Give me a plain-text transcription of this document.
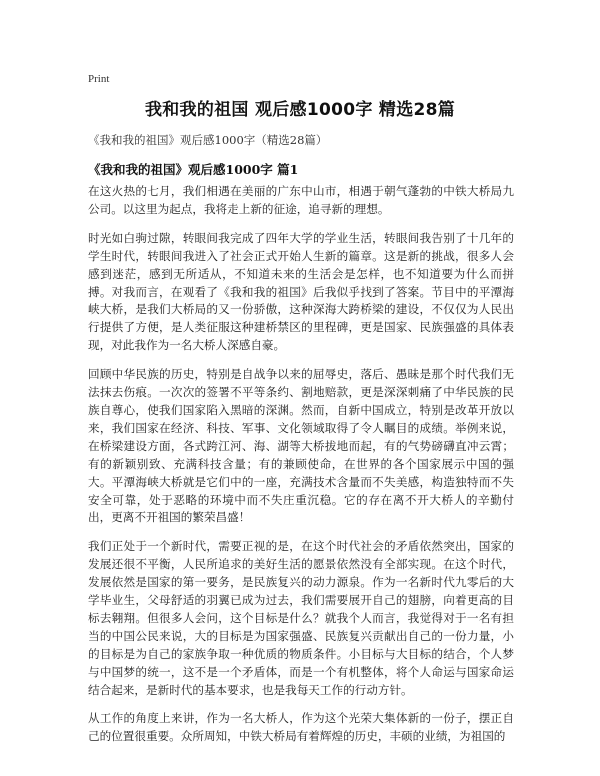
Print
我和我的祖国 观后感1000字 精选28篇
《我和我的祖国》观后感1000字（精选28篇）
《我和我的祖国》观后感1000字 篇1

在这火热的七月，我们相遇在美丽的广东中山市，相遇于朝气蓬勃的中铁大桥局九公司。以这里为起点，我将走上新的征途，追寻新的理想。

时光如白驹过隙，转眼间我完成了四年大学的学业生活，转眼间我告别了十几年的学生时代，转眼间我进入了社会正式开始人生新的篇章。这是新的挑战，很多人会感到迷茫，感到无所适从，不知道未来的生活会是怎样，也不知道要为什么而拼搏。对我而言，在观看了《我和我的祖国》后我似乎找到了答案。节目中的平潭海峡大桥，是我们大桥局的又一份骄傲，这种深海大跨桥梁的建设，不仅仅为人民出行提供了方便，是人类征服这种建桥禁区的里程碑，更是国家、民族强盛的具体表现，对此我作为一名大桥人深感自豪。

回顾中华民族的历史，特别是自战争以来的屈辱史，落后、愚昧是那个时代我们无法抹去伤痕。一次次的签署不平等条约、割地赔款，更是深深刺痛了中华民族的民族自尊心，使我们国家陷入黑暗的深渊。然而，自新中国成立，特别是改革开放以来，我们国家在经济、科技、军事、文化领域取得了令人瞩目的成绩。举例来说，在桥梁建设方面，各式跨江河、海、湖等大桥拔地而起，有的气势磅礴直冲云霄；有的新颖别致、充满科技含量；有的兼顾使命，在世界的各个国家展示中国的强大。平潭海峡大桥就是它们中的一座，充满技术含量而不失美感，构造独特而不失安全可靠，处于恶略的环境中而不失庄重沉稳。它的存在离不开大桥人的辛勤付出，更离不开祖国的繁荣昌盛！

我们正处于一个新时代，需要正视的是，在这个时代社会的矛盾依然突出，国家的发展还很不平衡，人民所追求的美好生活的愿景依然没有全部实现。在这个时代，发展依然是国家的第一要务，是民族复兴的动力源泉。作为一名新时代九零后的大学毕业生，父母舒适的羽翼已成为过去，我们需要展开自己的翅膀，向着更高的目标去翱翔。但很多人会问，这个目标是什么？就我个人而言，我觉得对于一名有担当的中国公民来说，大的目标是为国家强盛、民族复兴贡献出自己的一份力量，小的目标是为自己的家族争取一种优质的物质条件。小目标与大目标的结合，个人梦与中国梦的统一，这不是一个矛盾体，而是一个有机整体，将个人命运与国家命运结合起来，是新时代的基本要求，也是我每天工作的行动方针。

从工作的角度上来讲，作为一名大桥人，作为这个光荣大集体新的一份子，摆正自己的位置很重要。众所周知，中铁大桥局有着辉煌的历史，丰硕的业绩，为祖国的
